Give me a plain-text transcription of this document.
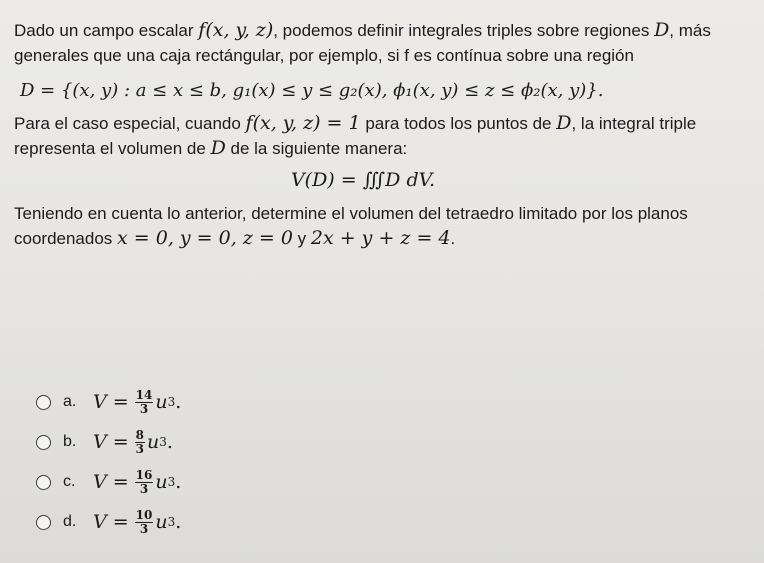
Dado un campo escalar f(x, y, z), podemos definir integrales triples sobre regiones D, más generales que una caja rectángular, por ejemplo, si f es contínua sobre una región

D = {(x, y) : a ≤ x ≤ b, g₁(x) ≤ y ≤ g₂(x), ϕ₁(x, y) ≤ z ≤ ϕ₂(x, y)}.

Para el caso especial, cuando f(x, y, z) = 1 para todos los puntos de D, la integral triple representa el volumen de D de la siguiente manera:

V(D) = ∭D dV.

Teniendo en cuenta lo anterior, determine el volumen del tetraedro limitado por los planos coordenados x = 0, y = 0, z = 0 y 2x + y + z = 4.

a. $V = \frac{14}{3}$ u 3 .
b. $V = \frac{8}{3}$ u 3 .
c. $V = \frac{16}{3}$ u 3 .
d. $V = \frac{10}{3}$ u 3 .
